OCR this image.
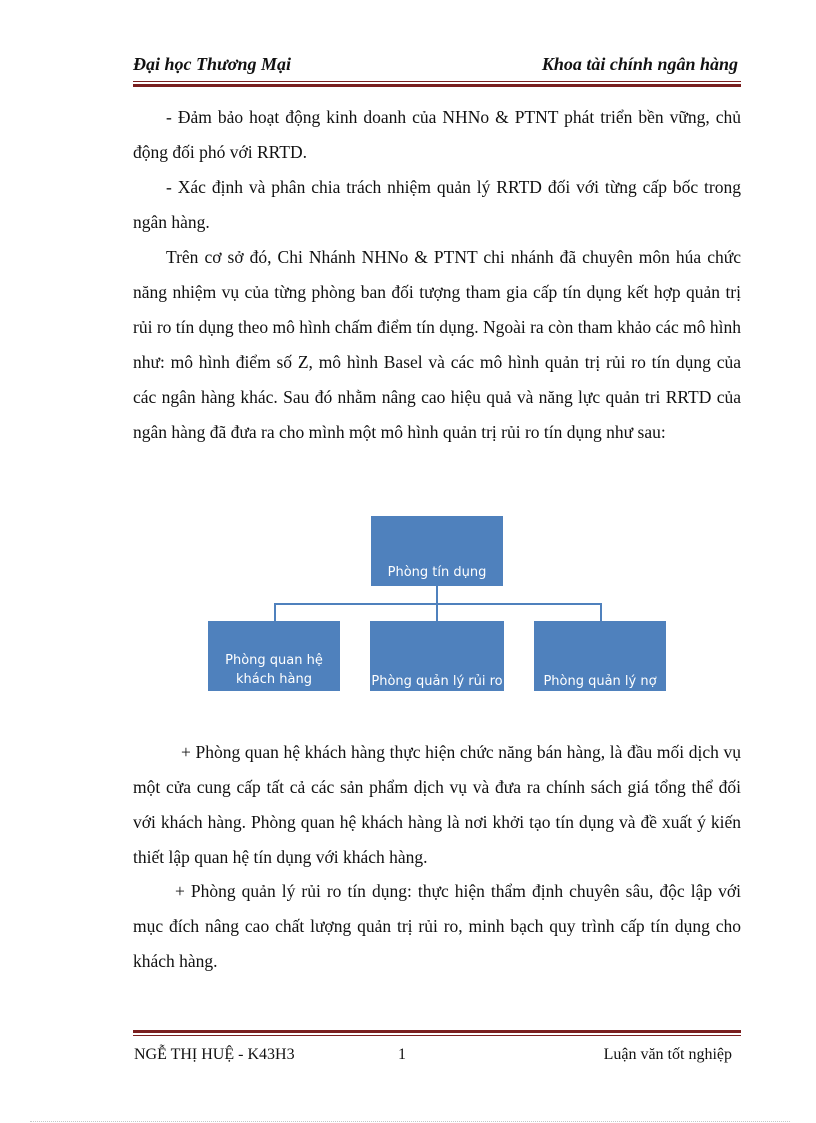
Đại học Thương Mại	Khoa tài chính ngân hàng

- Đảm bảo hoạt động kinh doanh của NHNo & PTNT phát triển bền vững, chủ động đối phó với RRTD.

- Xác định và phân chia trách nhiệm quản lý RRTD đối với từng cấp bốc trong ngân hàng.

Trên cơ sở đó, Chi Nhánh NHNo & PTNT chi nhánh đã chuyên môn húa chức năng nhiệm vụ của từng phòng ban đối tượng tham gia cấp tín dụng kết hợp quản trị rủi ro tín dụng theo mô hình chấm điểm tín dụng. Ngoài ra còn tham khảo các mô hình như: mô hình điểm số Z, mô hình Basel và các mô hình quản trị rủi ro tín dụng của các ngân hàng khác. Sau đó nhằm nâng cao hiệu quả và năng lực quản tri RRTD của ngân hàng đã đưa ra cho mình một mô hình quản trị rủi ro tín dụng như sau:

Phòng tín dụng
Phòng quan hệ
khách hàng	Phòng quản lý rủi ro	Phòng quản lý nợ

+ Phòng quan hệ khách hàng thực hiện chức năng bán hàng, là đầu mối dịch vụ một cửa cung cấp tất cả các sản phẩm dịch vụ và đưa ra chính sách giá tổng thể đối với khách hàng. Phòng quan hệ khách hàng là nơi khởi tạo tín dụng và đề xuất ý kiến thiết lập quan hệ tín dụng với khách hàng.

+ Phòng quản lý rủi ro tín dụng: thực hiện thẩm định chuyên sâu, độc lập với mục đích nâng cao chất lượng quản trị rủi ro, minh bạch quy trình cấp tín dụng cho khách hàng.

NGỄ THỊ HUỆ - K43H3	1	Luận văn tốt nghiệp
